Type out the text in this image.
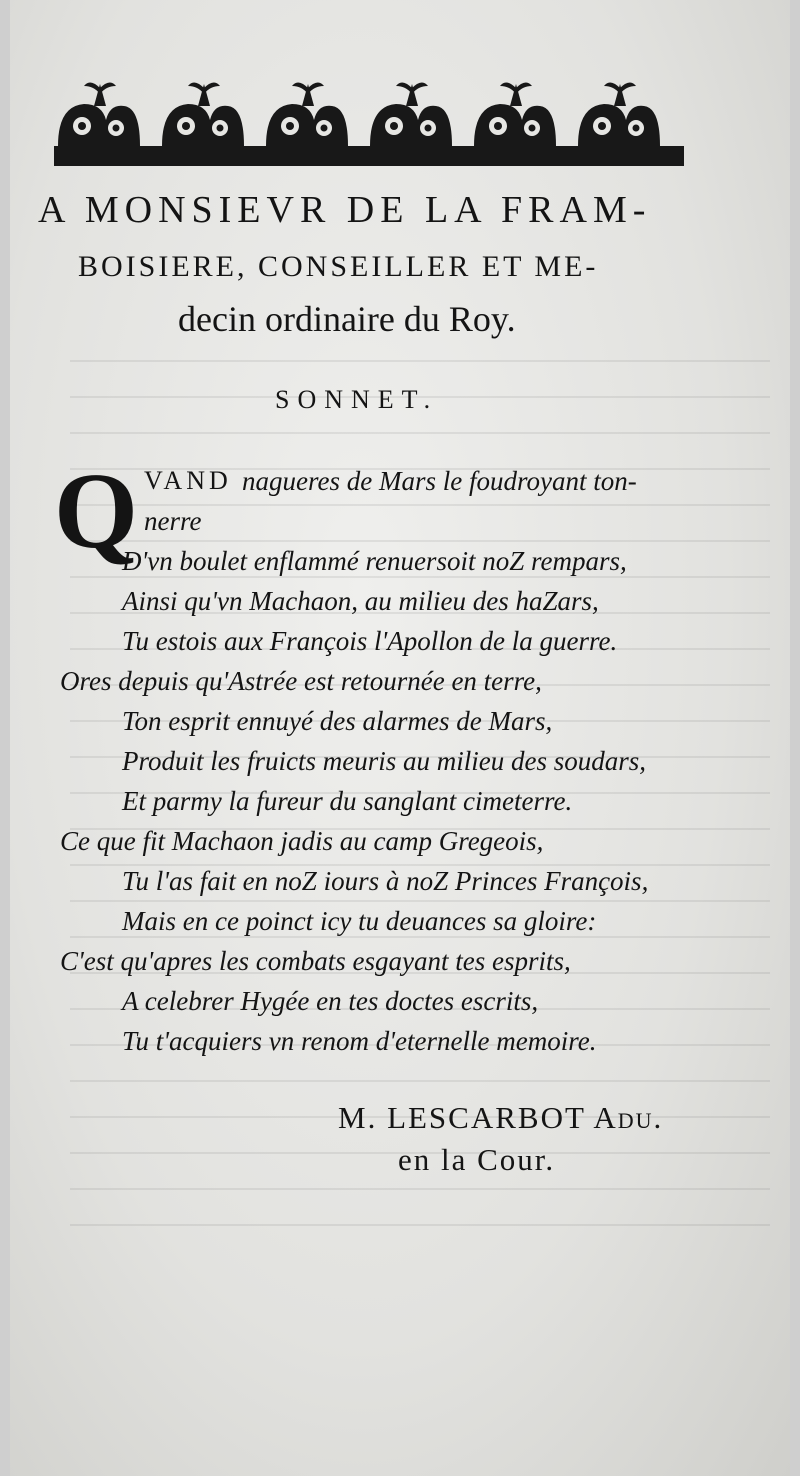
A MONSIEVR DE LA FRAM-
BOISIERE, CONSEILLER ET ME-
decin ordinaire du Roy.
SONNET.
Q VAND nagueres de Mars le foudroyant ton-
nerre
D'vn boulet enflammé renuersoit noZ rempars,
Ainsi qu'vn Machaon, au milieu des haZars,
Tu estois aux François l'Apollon de la guerre.
Ores depuis qu'Astrée est retournée en terre,
Ton esprit ennuyé des alarmes de Mars,
Produit les fruicts meuris au milieu des soudars,
Et parmy la fureur du sanglant cimeterre.
Ce que fit Machaon jadis au camp Gregeois,
Tu l'as fait en noZ iours à noZ Princes François,
Mais en ce poinct icy tu deuances sa gloire:
C'est qu'apres les combats esgayant tes esprits,
A celebrer Hygée en tes doctes escrits,
Tu t'acquiers vn renom d'eternelle memoire.
M. LESCARBOT Adu.
en la Cour.
